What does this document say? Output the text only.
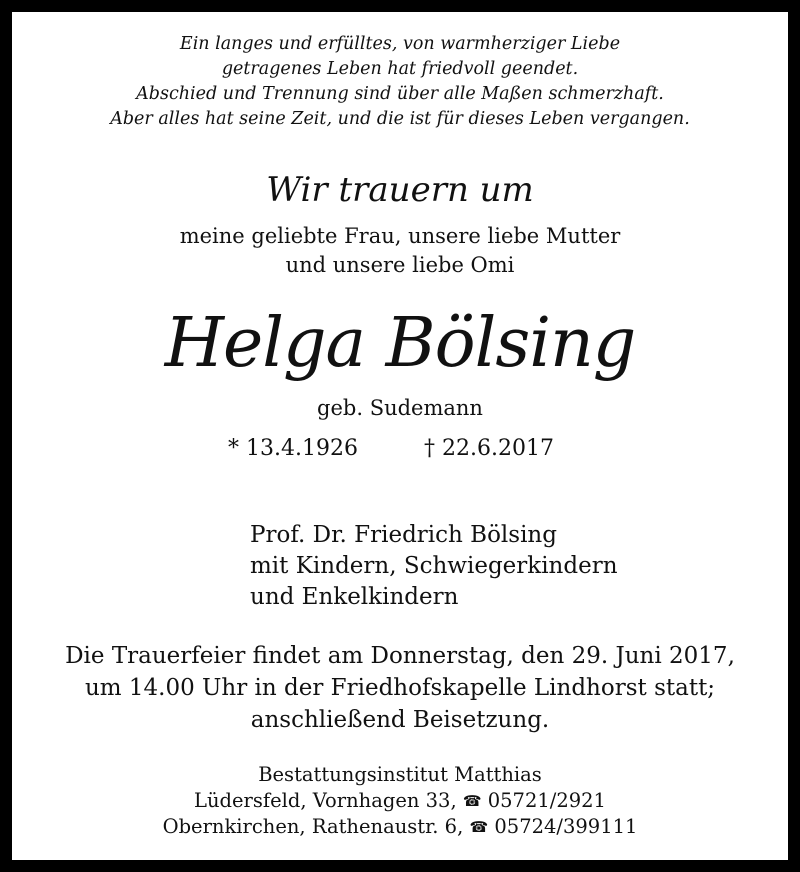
Ein langes und erfülltes, von warmherziger Liebe
getragenes Leben hat friedvoll geendet.
Abschied und Trennung sind über alle Maßen schmerzhaft.
Aber alles hat seine Zeit, und die ist für dieses Leben vergangen.
Wir trauern um
meine geliebte Frau, unsere liebe Mutter
und unsere liebe Omi
Helga Bölsing
geb. Sudemann
* 13.4.1926	† 22.6.2017
Prof. Dr. Friedrich Bölsing
mit Kindern, Schwiegerkindern
und Enkelkindern
Die Trauerfeier findet am Donnerstag, den 29. Juni 2017,
um 14.00 Uhr in der Friedhofskapelle Lindhorst statt;
anschließend Beisetzung.
Bestattungsinstitut Matthias
Lüdersfeld, Vornhagen 33, ☎ 05721/2921
Obernkirchen, Rathenaustr. 6, ☎ 05724/399111
